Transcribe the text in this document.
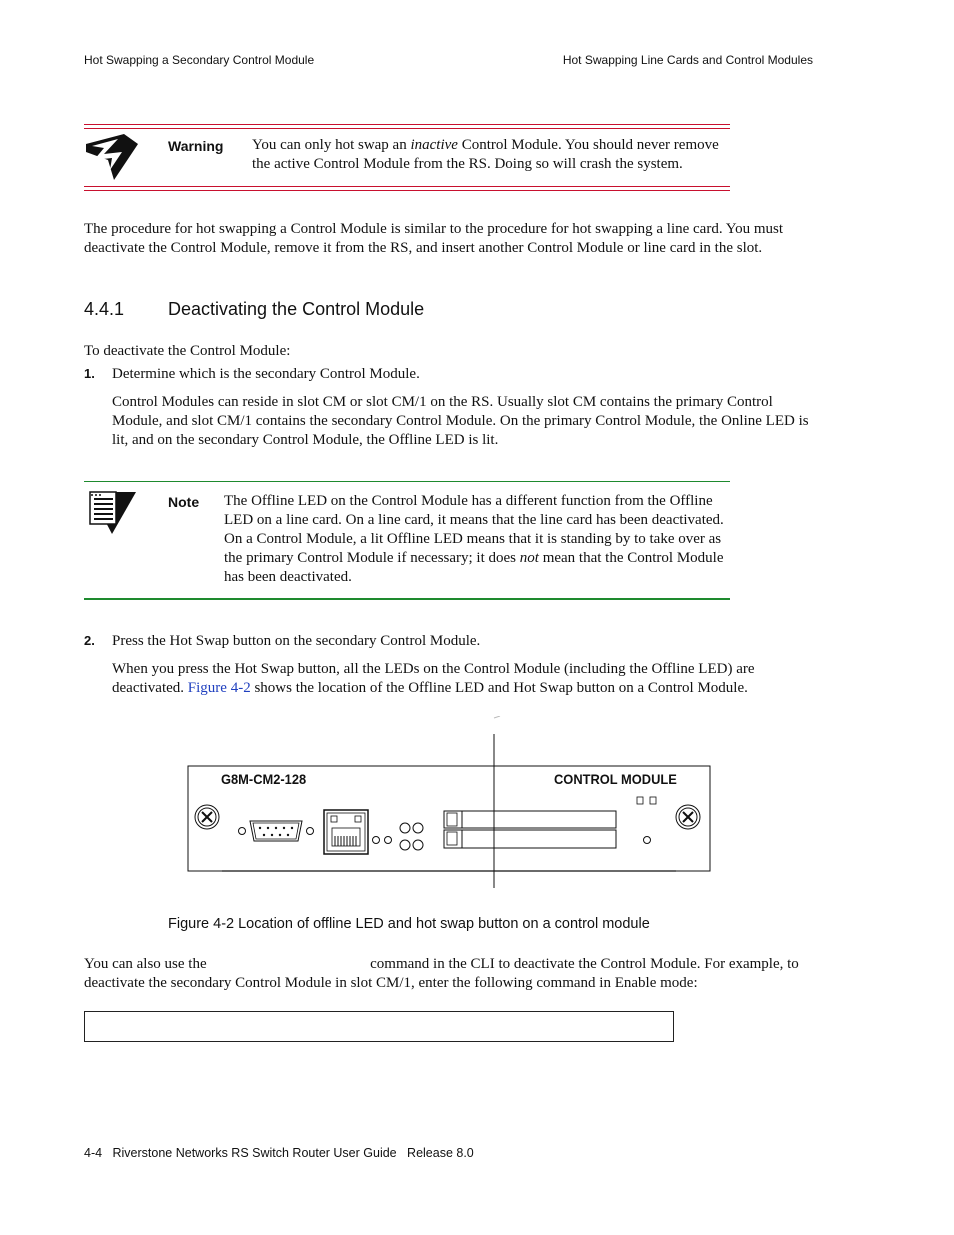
Hot Swapping a Secondary Control Module	Hot Swapping Line Cards and Control Modules
Warning You can only hot swap an inactive Control Module. You should never remove the active Control Module from the RS. Doing so will crash the system.
The procedure for hot swapping a Control Module is similar to the procedure for hot swapping a line card. You must deactivate the Control Module, remove it from the RS, and insert another Control Module or line card in the slot.
4.4.1 Deactivating the Control Module
To deactivate the Control Module:
1. Determine which is the secondary Control Module.
Control Modules can reside in slot CM or slot CM/1 on the RS. Usually slot CM contains the primary Control Module, and slot CM/1 contains the secondary Control Module. On the primary Control Module, the Online LED is lit, and on the secondary Control Module, the Offline LED is lit.
Note The Offline LED on the Control Module has a different function from the Offline LED on a line card. On a line card, it means that the line card has been deactivated. On a Control Module, a lit Offline LED means that it is standing by to take over as the primary Control Module if necessary; it does not mean that the Control Module has been deactivated.
2. Press the Hot Swap button on the secondary Control Module.
When you press the Hot Swap button, all the LEDs on the Control Module (including the Offline LED) are deactivated. Figure 4-2 shows the location of the Offline LED and Hot Swap button on a Control Module.
G8M-CM2-128	CONTROL MODULE
Figure 4-2 Location of offline LED and hot swap button on a control module
You can also use the	command in the CLI to deactivate the Control Module. For example, to deactivate the secondary Control Module in slot CM/1, enter the following command in Enable mode:
4-4 Riverstone Networks RS Switch Router User Guide Release 8.0
